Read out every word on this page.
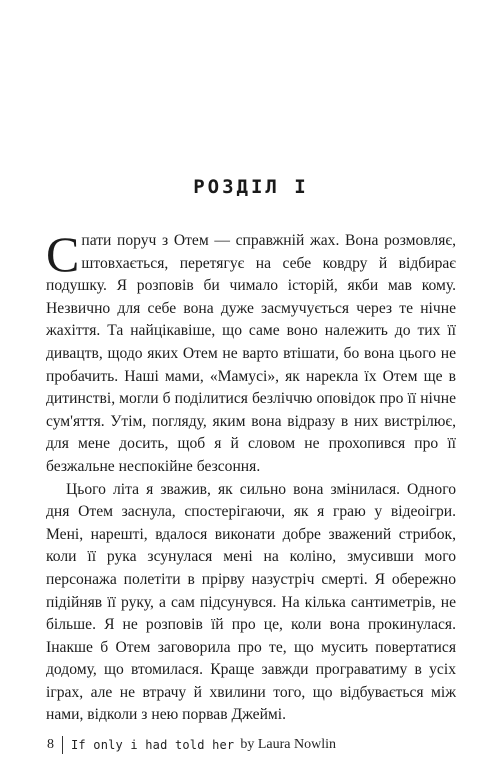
РОЗДІЛ I

Спати поруч з Отем — справжній жах. Вона розмовляє, штовхається, перетягує на себе ковдру й відбирає подушку. Я розповів би чимало історій, якби мав кому. Незвично для себе вона дуже засмучується через те нічне жахіття. Та найцікавіше, що саме воно належить до тих її дивацтв, щодо яких Отем не варто втішати, бо вона цього не пробачить. Наші мами, «Мамусі», як нарекла їх Отем ще в дитинстві, могли б поділитися безліччю оповідок про її нічне сум'яття. Утім, погляду, яким вона відразу в них вистрілює, для мене досить, щоб я й словом не прохопився про її безжальне неспокійне безсоння.

Цього літа я зважив, як сильно вона змінилася. Одного дня Отем заснула, спостерігаючи, як я граю у відеоігри. Мені, нарешті, вдалося виконати добре зважений стрибок, коли її рука зсунулася мені на коліно, змусивши мого персонажа полетіти в прірву назустріч смерті. Я обережно підійняв її руку, а сам підсунувся. На кілька сантиметрів, не більше. Я не розповів їй про це, коли вона прокинулася. Інакше б Отем заговорила про те, що мусить повертатися додому, що втомилася. Краще завжди програватиму в усіх іграх, але не втрачу й хвилини того, що відбувається між нами, відколи з нею порвав Джеймі.

8 If only i had told her by Laura Nowlin
